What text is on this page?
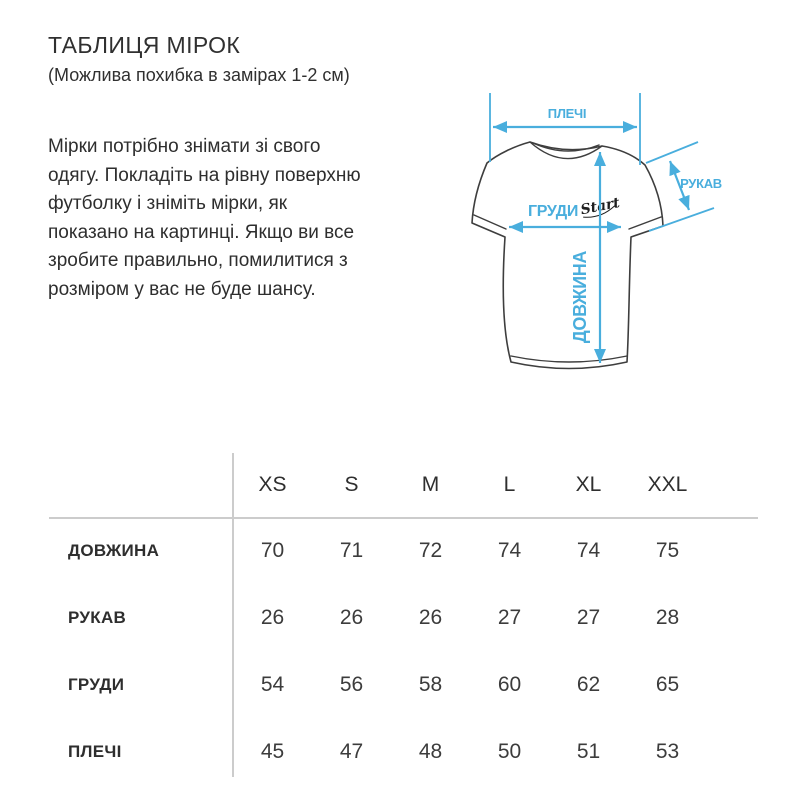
ТАБЛИЦЯ МІРОК
(Можлива похибка в замірах 1-2 см)
Мірки потрібно знімати зі свого
одягу. Покладіть на рівну поверхню
футболку і зніміть мірки, як
показано на картинці. Якщо ви все
зробите правильно, помилитися з
розміром у вас не буде шансу.
ПЛЕЧІ
РУКАВ
ГРУДИ Start
ДОВЖИНА
XS	S	M	L	XL	XXL
ДОВЖИНА	70	71	72	74	74	75
РУКАВ	26	26	26	27	27	28
ГРУДИ	54	56	58	60	62	65
ПЛЕЧІ	45	47	48	50	51	53
